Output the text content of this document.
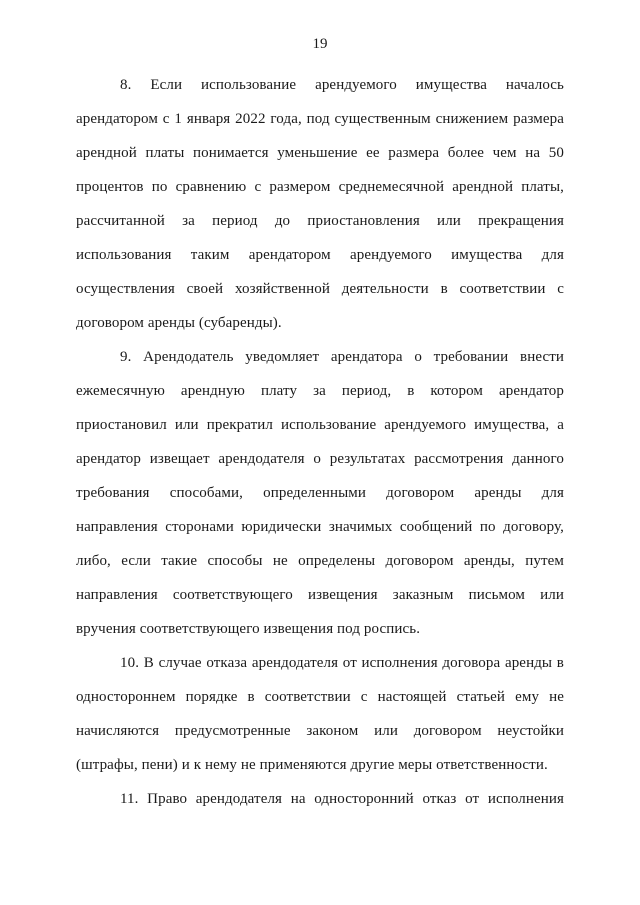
19

8. Если использование арендуемого имущества началось арендатором с 1 января 2022 года, под существенным снижением размера арендной платы понимается уменьшение ее размера более чем на 50 процентов по сравнению с размером среднемесячной арендной платы, рассчитанной за период до приостановления или прекращения использования таким арендатором арендуемого имущества для осуществления своей хозяйственной деятельности в соответствии с договором аренды (субаренды).

9. Арендодатель уведомляет арендатора о требовании внести ежемесячную арендную плату за период, в котором арендатор приостановил или прекратил использование арендуемого имущества, а арендатор извещает арендодателя о результатах рассмотрения данного требования способами, определенными договором аренды для направления сторонами юридически значимых сообщений по договору, либо, если такие способы не определены договором аренды, путем направления соответствующего извещения заказным письмом или вручения соответствующего извещения под роспись.

10. В случае отказа арендодателя от исполнения договора аренды в одностороннем порядке в соответствии с настоящей статьей ему не начисляются предусмотренные законом или договором неустойки (штрафы, пени) и к нему не применяются другие меры ответственности.

11. Право арендодателя на односторонний отказ от исполнения
